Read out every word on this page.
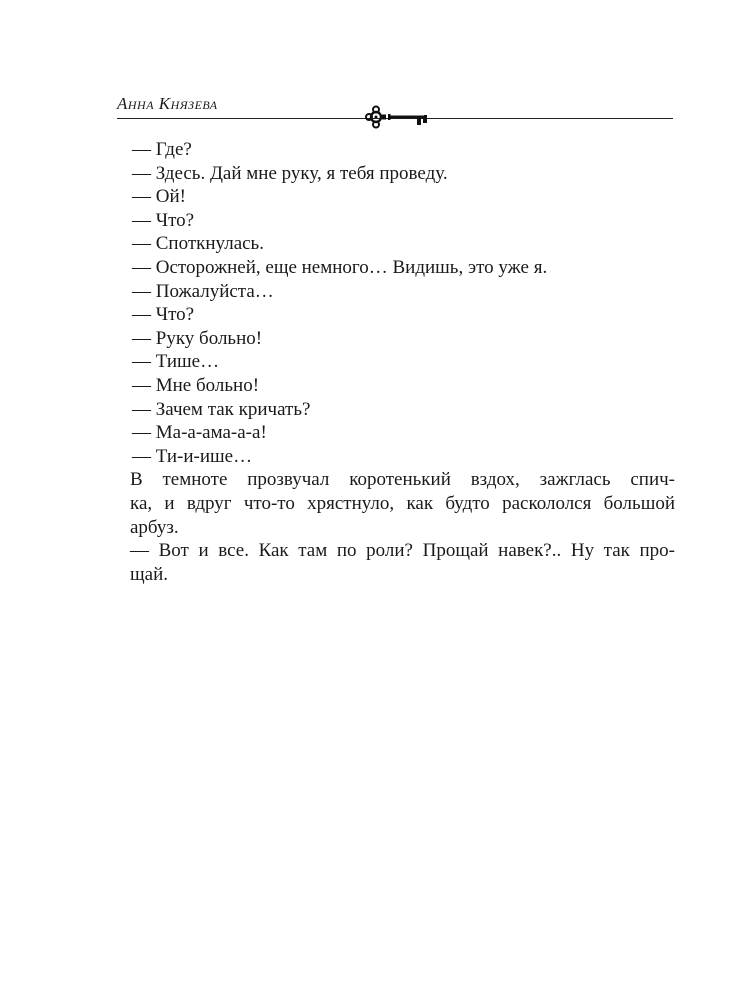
Анна Князева

— Где?

— Здесь. Дай мне руку, я тебя проведу.

— Ой!

— Что?

— Споткнулась.

— Осторожней, еще немного… Видишь, это уже я.

— Пожалуйста…

— Что?

— Руку больно!

— Тише…

— Мне больно!

— Зачем так кричать?

— Ма-а-ама-а-а!

— Ти-и-ише…

В темноте прозвучал коротенький вздох, зажглась спич-
ка, и вдруг что-то хрястнуло, как будто раскололся большой
арбуз.
— Вот и все. Как там по роли? Прощай навек?.. Ну так про-
щай.
